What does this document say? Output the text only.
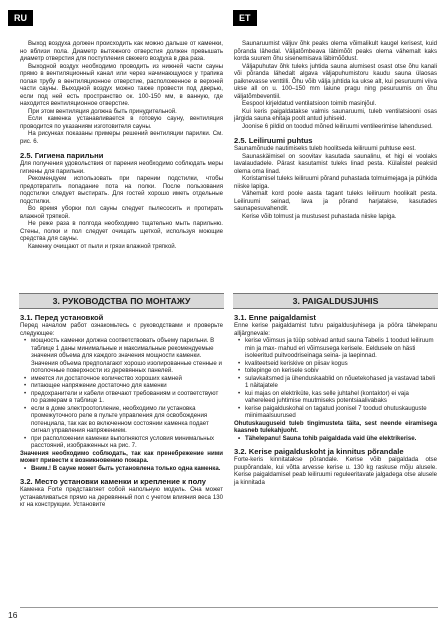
RU	ET

Выход воздуха должен происходить как можно дальше от каменки, но вблизи пола. Диаметр вытяжного отверстия должен превышать диаметр отверстия для поступления свежего воздуха в два раза.

Выходной воздух необходимо проводить из нижней части сауны прямо в вентиляционный канал или через начинающуюся у трапика полая трубу в вентиляционное отверстие, расположенное в верхней части сауны. Выходной воздух можно также провести под дверью, если под ней есть пространство ок. 100-150 мм, в ванную, где находится вентиляционное отверстие.

При этом вентиляция должна быть принудительной.

Если каменка устанавливается в готовую сауну, вентиляция проводится по указаниям изготовителя сауны.

На рисунках показаны примеры решений вентиляции парилки. См. рис. 6.

2.5. Гигиена парильни

Для получения удовольствия от парения необходимо соблюдать меры гигиены для парильни.

Рекомендуем использовать при парении подстилки, чтобы предотвратить попадание пота на полки. После пользования подстилки следует выстирать. Для гостей хорошо иметь отдельные подстилки.

Во время уборки пол сауны следует пылесосить и протирать влажной тряпкой.

Не реже раза в полгода необходимо тщательно мыть парильню. Стены, полки и пол следует очищать щеткой, используя моющие средства для сауны.

Каменку очищают от пыли и грязи влажной тряпкой.

Saunaruumist väljuv õhk peaks olema võimalikult kaugel kerisest, kuid põranda lähedal. Väljatõmbeava läbimõõt peaks olema vähemalt kaks korda suurem õhu sisenemisava läbimõõdust.

Väljapuhutav õhk tuleks juhtida sauna alumisest osast otse õhu kanali või põranda lähedalt algava väljapuhumistoru kaudu sauna ülaosas paiknevasse venttilli. Õhu võib välja juhtida ka ukse alt, kui pesuruumi viiva ukse all on u. 100–150 mm laiune pragu ning pesuruumis on õhu väljatõmbeventiil.

Eespool kirjeldatud ventilatsioon toimib masinjõul.

Kui keris paigaldatakse valmis saunaruumi, tuleb ventilatsiooni osas järgida sauna ehitaja poolt antud juhiseid.

Joonise 6 pildid on toodud mõned leiliruumi ventileerimise lahendused.

2.5. Leiliruumi puhtus

Saunamõnude nautimiseks tuleb hoolitseda leiliruumi puhtuse eest.

Saunaskäimisel on soovitav kasutada saunalinu, et higi ei voolaks lavalaudadele. Pärast kasutamist tuleks linad pesta. Külalistel peaksid olema oma linad.

Koristamisel tuleks leiliruumi põrand puhastada tolmuimejaga ja pühkida niiske lapiga.

Vähemalt kord poole aasta tagant tuleks leiliruum hoolikalt pesta. Leiliruumi seinad, lava ja põrand harjatakse, kasutades saunapesuvahendit.

Kerise võib tolmust ja mustusest puhastada niiske lapiga.

3. РУКОВОДСТВА ПО МОНТАЖУ	3. PAIGALDUSJUHIS
3.1. Перед установкой

Перед началом работ ознакомьтесь с руководствами и проверьте следующее:

• мощность каменки должна соответствовать объему парильни. В таблице 1 даны минимальные и максимальные рекомендуемые значения объема для каждого значения мощности каменки. Значения объема предполагают хорошо изолированные стенные и потолочные поверхности из деревянных панелей.
• имеется ли достаточное количество хороших камней
• питающее напряжение достаточно для каменки
• предохранители и кабели отвечают требованиям и соответствуют по размерам в таблице 1.
• если в доме электроотопление, необходимо ли установка промежуточного реле в пульте управления для освобождения потенциала, так как во включенном состоянии каменка подает сигнал управления напряжением.
• при расположении каменки выполняются условия минимальных расстояний, изображенных на рис. 7.

Значения необходимо соблюдать, так как пренебрежение ними может привести к возникновению пожара.

• Вним.! В сауне может быть установлена только одна каменка.
3.2. Место установки каменки и крепление к полу

Каменка Forte представляет собой напольную модель. Она может устанавливаться прямо на деревянный пол с учетом влияния веса 130 кг на конструкции. Установите

3.1. Enne paigaldamist

Enne kerise paigaldamist tutvu paigaldusjuhisega ja pööra tähelepanu alljärgnevale:

• kerise võimsus ja tüüp sobivad antud sauna Tabelis 1 toodud leiliruum min ja max- mahud eri võimsusega kerisele. Eeldusele on hästi isoleeritud puitvoodriseinaga seina- ja laepinnad.
• kvaliteetseid keriskive on piisav kogus
• toitepinge on kerisele sobiv
• sulavkaitsmed ja ühenduskaablid on nõuetekohased ja vastavad tabeli 1 näitajatele
• kui majas on elektriküte, kas selle juhtahel (kontaktor) ei vaja vahereleed juhtimise muutmiseks potentsiaalivabaks
• kerise paigalduskohal on tagatud joonisel 7 toodud ohutuskauguste miinimaalsuurused

Ohutuskauguseid tuleb tingimusteta täita, sest neende eiramisega kaasneb tulekahjuoht.

• Tähelepanu! Sauna tohib paigaldada vaid ühe elektrikerise.
3.2. Kerise paigalduskoht ja kinnitus põrandale

Forte-keris kinnitatakse põrandale. Kerise võib paigaldada otse puupõrandale, kui võtta arvesse kerise u. 130 kg raskuse mõju alusele. Kerise paigaldamisel peab leiliruumi reguleeritavate jalgadega otse alusele ja kinnitada

16
